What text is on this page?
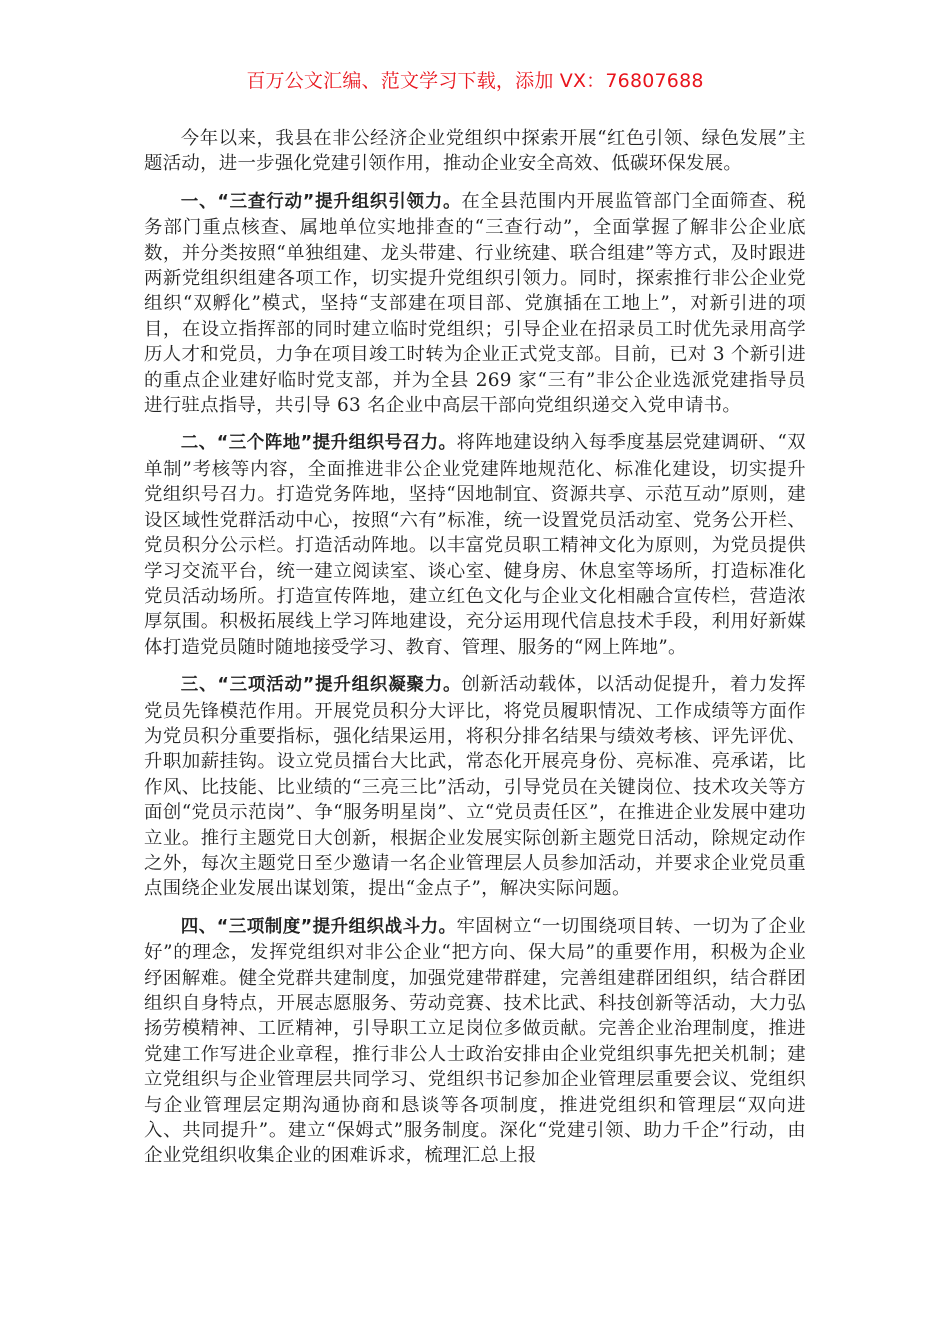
百万公文汇编、范文学习下载，添加 VX：76807688

今年以来，我县在非公经济企业党组织中探索开展“红色引领、绿色发展”主题活动，进一步强化党建引领作用，推动企业安全高效、低碳环保发展。

一、“三查行动”提升组织引领力。在全县范围内开展监管部门全面筛查、税务部门重点核查、属地单位实地排查的“三查行动”，全面掌握了解非公企业底数，并分类按照“单独组建、龙头带建、行业统建、联合组建”等方式，及时跟进两新党组织组建各项工作，切实提升党组织引领力。同时，探索推行非公企业党组织“双孵化”模式，坚持“支部建在项目部、党旗插在工地上”，对新引进的项目，在设立指挥部的同时建立临时党组织；引导企业在招录员工时优先录用高学历人才和党员，力争在项目竣工时转为企业正式党支部。目前，已对 3 个新引进的重点企业建好临时党支部，并为全县 269 家“三有”非公企业选派党建指导员进行驻点指导，共引导 63 名企业中高层干部向党组织递交入党申请书。

二、“三个阵地”提升组织号召力。将阵地建设纳入每季度基层党建调研、“双单制”考核等内容，全面推进非公企业党建阵地规范化、标准化建设，切实提升党组织号召力。打造党务阵地，坚持“因地制宜、资源共享、示范互动”原则，建设区域性党群活动中心，按照“六有”标准，统一设置党员活动室、党务公开栏、党员积分公示栏。打造活动阵地。以丰富党员职工精神文化为原则，为党员提供学习交流平台，统一建立阅读室、谈心室、健身房、休息室等场所，打造标准化党员活动场所。打造宣传阵地，建立红色文化与企业文化相融合宣传栏，营造浓厚氛围。积极拓展线上学习阵地建设，充分运用现代信息技术手段，利用好新媒体打造党员随时随地接受学习、教育、管理、服务的“网上阵地”。

三、“三项活动”提升组织凝聚力。创新活动载体，以活动促提升，着力发挥党员先锋模范作用。开展党员积分大评比，将党员履职情况、工作成绩等方面作为党员积分重要指标，强化结果运用，将积分排名结果与绩效考核、评先评优、升职加薪挂钩。设立党员擂台大比武，常态化开展亮身份、亮标准、亮承诺，比作风、比技能、比业绩的“三亮三比”活动，引导党员在关键岗位、技术攻关等方面创“党员示范岗”、争“服务明星岗”、立“党员责任区”，在推进企业发展中建功立业。推行主题党日大创新，根据企业发展实际创新主题党日活动，除规定动作之外，每次主题党日至少邀请一名企业管理层人员参加活动，并要求企业党员重点围绕企业发展出谋划策，提出“金点子”，解决实际问题。

四、“三项制度”提升组织战斗力。牢固树立“一切围绕项目转、一切为了企业好”的理念，发挥党组织对非公企业“把方向、保大局”的重要作用，积极为企业纾困解难。健全党群共建制度，加强党建带群建，完善组建群团组织，结合群团组织自身特点，开展志愿服务、劳动竞赛、技术比武、科技创新等活动，大力弘扬劳模精神、工匠精神，引导职工立足岗位多做贡献。完善企业治理制度，推进党建工作写进企业章程，推行非公人士政治安排由企业党组织事先把关机制；建立党组织与企业管理层共同学习、党组织书记参加企业管理层重要会议、党组织与企业管理层定期沟通协商和恳谈等各项制度，推进党组织和管理层“双向进入、共同提升”。建立“保姆式”服务制度。深化“党建引领、助力千企”行动，由企业党组织收集企业的困难诉求，梳理汇总上报
